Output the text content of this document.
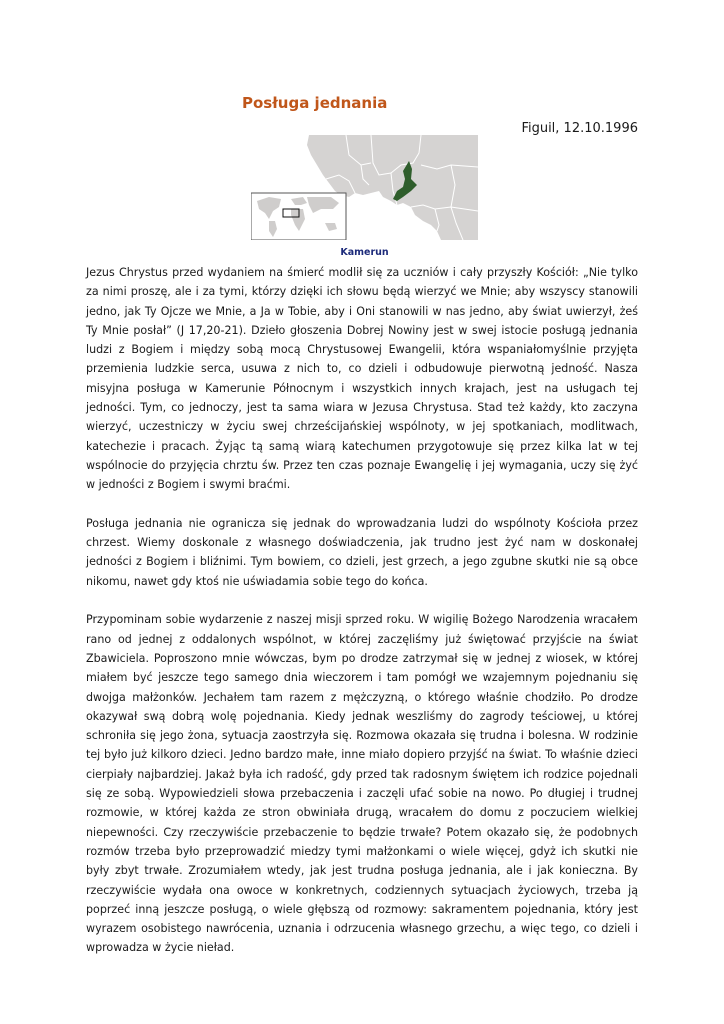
Posługa jednania
Figuil, 12.10.1996
Kamerun

Jezus Chrystus przed wydaniem na śmierć modlił się za uczniów i cały przyszły Kościół: „Nie tylko za nimi proszę, ale i za tymi, którzy dzięki ich słowu będą wierzyć we Mnie; aby wszyscy stanowili jedno, jak Ty Ojcze we Mnie, a Ja w Tobie, aby i Oni stanowili w nas jedno, aby świat uwierzył, żeś Ty Mnie posłał” (J 17,20-21). Dzieło głoszenia Dobrej Nowiny jest w swej istocie posługą jednania ludzi z Bogiem i między sobą mocą Chrystusowej Ewangelii, która wspaniałomyślnie przyjęta przemienia ludzkie serca, usuwa z nich to, co dzieli i odbudowuje pierwotną jedność. Nasza misyjna posługa w Kamerunie Północnym i wszystkich innych krajach, jest na usługach tej jedności. Tym, co jednoczy, jest ta sama wiara w Jezusa Chrystusa. Stad też każdy, kto zaczyna wierzyć, uczestniczy w życiu swej chrześcijańskiej wspólnoty, w jej spotkaniach, modlitwach, katechezie i pracach. Żyjąc tą samą wiarą katechumen przygotowuje się przez kilka lat w tej wspólnocie do przyjęcia chrztu św. Przez ten czas poznaje Ewangelię i jej wymagania, uczy się żyć w jedności z Bogiem i swymi braćmi.

Posługa jednania nie ogranicza się jednak do wprowadzania ludzi do wspólnoty Kościoła przez chrzest. Wiemy doskonale z własnego doświadczenia, jak trudno jest żyć nam w doskonałej jedności z Bogiem i bliźnimi. Tym bowiem, co dzieli, jest grzech, a jego zgubne skutki nie są obce nikomu, nawet gdy ktoś nie uświadamia sobie tego do końca.

Przypominam sobie wydarzenie z naszej misji sprzed roku. W wigilię Bożego Narodzenia wracałem rano od jednej z oddalonych wspólnot, w której zaczęliśmy już świętować przyjście na świat Zbawiciela. Poproszono mnie wówczas, bym po drodze zatrzymał się w jednej z wiosek, w której miałem być jeszcze tego samego dnia wieczorem i tam pomógł we wzajemnym pojednaniu się dwojga małżonków. Jechałem tam razem z mężczyzną, o którego właśnie chodziło. Po drodze okazywał swą dobrą wolę pojednania. Kiedy jednak weszliśmy do zagrody teściowej, u której schroniła się jego żona, sytuacja zaostrzyła się. Rozmowa okazała się trudna i bolesna. W rodzinie tej było już kilkoro dzieci. Jedno bardzo małe, inne miało dopiero przyjść na świat. To właśnie dzieci cierpiały najbardziej. Jakaż była ich radość, gdy przed tak radosnym świętem ich rodzice pojednali się ze sobą. Wypowiedzieli słowa przebaczenia i zaczęli ufać sobie na nowo. Po długiej i trudnej rozmowie, w której każda ze stron obwiniała drugą, wracałem do domu z poczuciem wielkiej niepewności. Czy rzeczywiście przebaczenie to będzie trwałe? Potem okazało się, że podobnych rozmów trzeba było przeprowadzić miedzy tymi małżonkami o wiele więcej, gdyż ich skutki nie były zbyt trwałe. Zrozumiałem wtedy, jak jest trudna posługa jednania, ale i jak konieczna. By rzeczywiście wydała ona owoce w konkretnych, codziennych sytuacjach życiowych, trzeba ją poprzeć inną jeszcze posługą, o wiele głębszą od rozmowy: sakramentem pojednania, który jest wyrazem osobistego nawrócenia, uznania i odrzucenia własnego grzechu, a więc tego, co dzieli i wprowadza w życie nieład.
